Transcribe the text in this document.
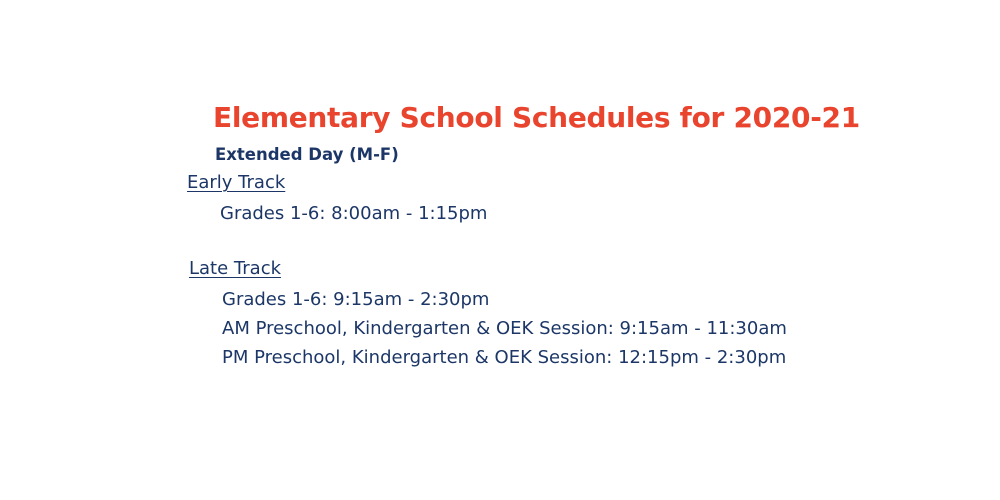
Elementary School Schedules for 2020-21
Extended Day (M-F)
Early Track
Grades 1-6: 8:00am - 1:15pm
Late Track
Grades 1-6: 9:15am - 2:30pm
AM Preschool, Kindergarten & OEK Session: 9:15am - 11:30am
PM Preschool, Kindergarten & OEK Session: 12:15pm - 2:30pm
